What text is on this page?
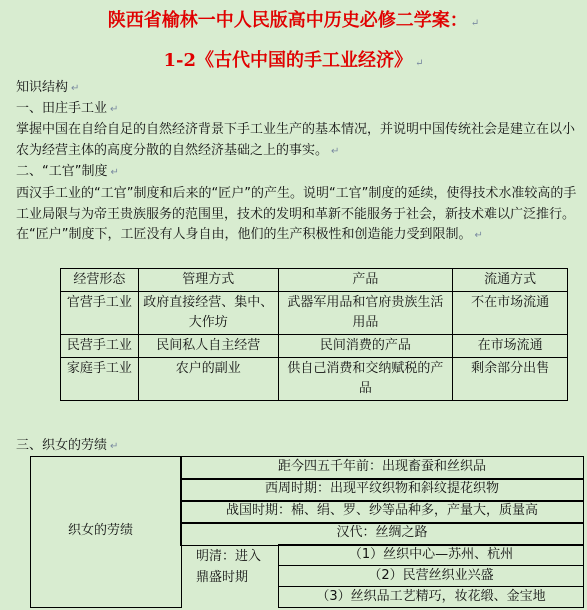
陕西省榆林一中人民版高中历史必修二学案： ↵
1-2《古代中国的手工业经济》 ↵
知识结构 ↵
一、田庄手工业 ↵
掌握中国在自给自足的自然经济背景下手工业生产的基本情况，并说明中国传统社会是建立在以小农为经营主体的高度分散的自然经济基础之上的事实。 ↵
二、“工官”制度 ↵
西汉手工业的“工官”制度和后来的“匠户”的产生。说明“工官”制度的延续，使得技术水准较高的手工业局限与为帝王贵族服务的范围里，技术的发明和革新不能服务于社会，新技术难以广泛推行。在“匠户”制度下，工匠没有人身自由，他们的生产积极性和创造能力受到限制。 ↵
经营形态	管理方式	产品	流通方式
官营手工业	政府直接经营、集中、大作坊	武器军用品和官府贵族生活用品	不在市场流通
民营手工业	民间私人自主经营	民间消费的产品	在市场流通
家庭手工业	农户的副业	供自己消费和交纳赋税的产品	剩余部分出售
三、织女的劳绩 ↵
织女的劳绩
距今四五千年前：出现畜蚕和丝织品
西周时期：出现平纹织物和斜纹提花织物
战国时期：棉、绢、罗、纱等品种多，产量大，质量高
汉代：丝绸之路
明清：进入鼎盛时期
（1）丝织中心—苏州、杭州
（2）民营丝织业兴盛
（3）丝织品工艺精巧，妆花缎、金宝地
